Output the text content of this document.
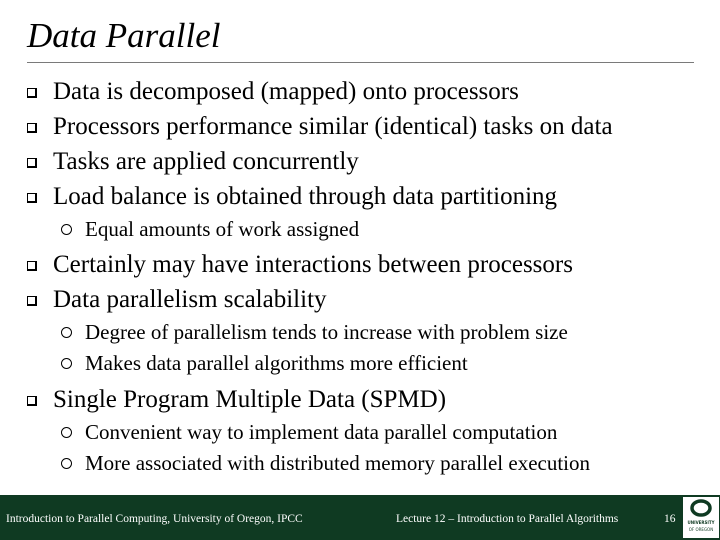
Data Parallel
Data is decomposed (mapped) onto processors
Processors performance similar (identical) tasks on data
Tasks are applied concurrently
Load balance is obtained through data partitioning
Equal amounts of work assigned
Certainly may have interactions between processors
Data parallelism scalability
Degree of parallelism tends to increase with problem size
Makes data parallel algorithms more efficient
Single Program Multiple Data (SPMD)
Convenient way to implement data parallel computation
More associated with distributed memory parallel execution
Introduction to Parallel Computing, University of Oregon, IPCC	Lecture 12 – Introduction to Parallel Algorithms	16	UNIVERSITY
OF OREGON
